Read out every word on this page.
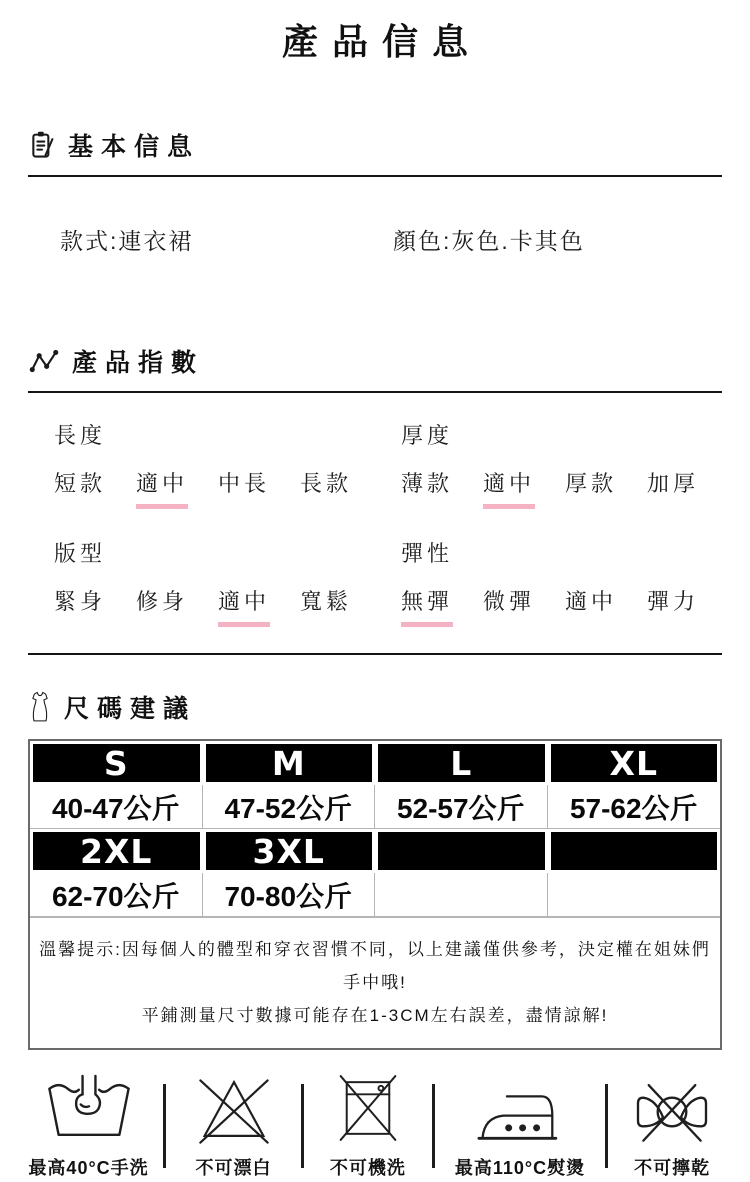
產品信息
基本信息
款式:連衣裙	顏色:灰色.卡其色
產品指數
長度
短款 適中 中長 長款
厚度
薄款 適中 厚款 加厚
版型
緊身 修身 適中 寬鬆
彈性
無彈 微彈 適中 彈力
尺碼建議
S	M	L	XL
40-47公斤	47-52公斤	52-57公斤	57-62公斤
2XL	3XL
62-70公斤	70-80公斤
溫馨提示:因每個人的體型和穿衣習慣不同，以上建議僅供參考，決定權在姐妹們手中哦!
平鋪測量尺寸數據可能存在1-3CM左右誤差，盡情諒解!
最高40°C手洗	不可漂白	不可機洗	最高110°C熨燙	不可擰乾
